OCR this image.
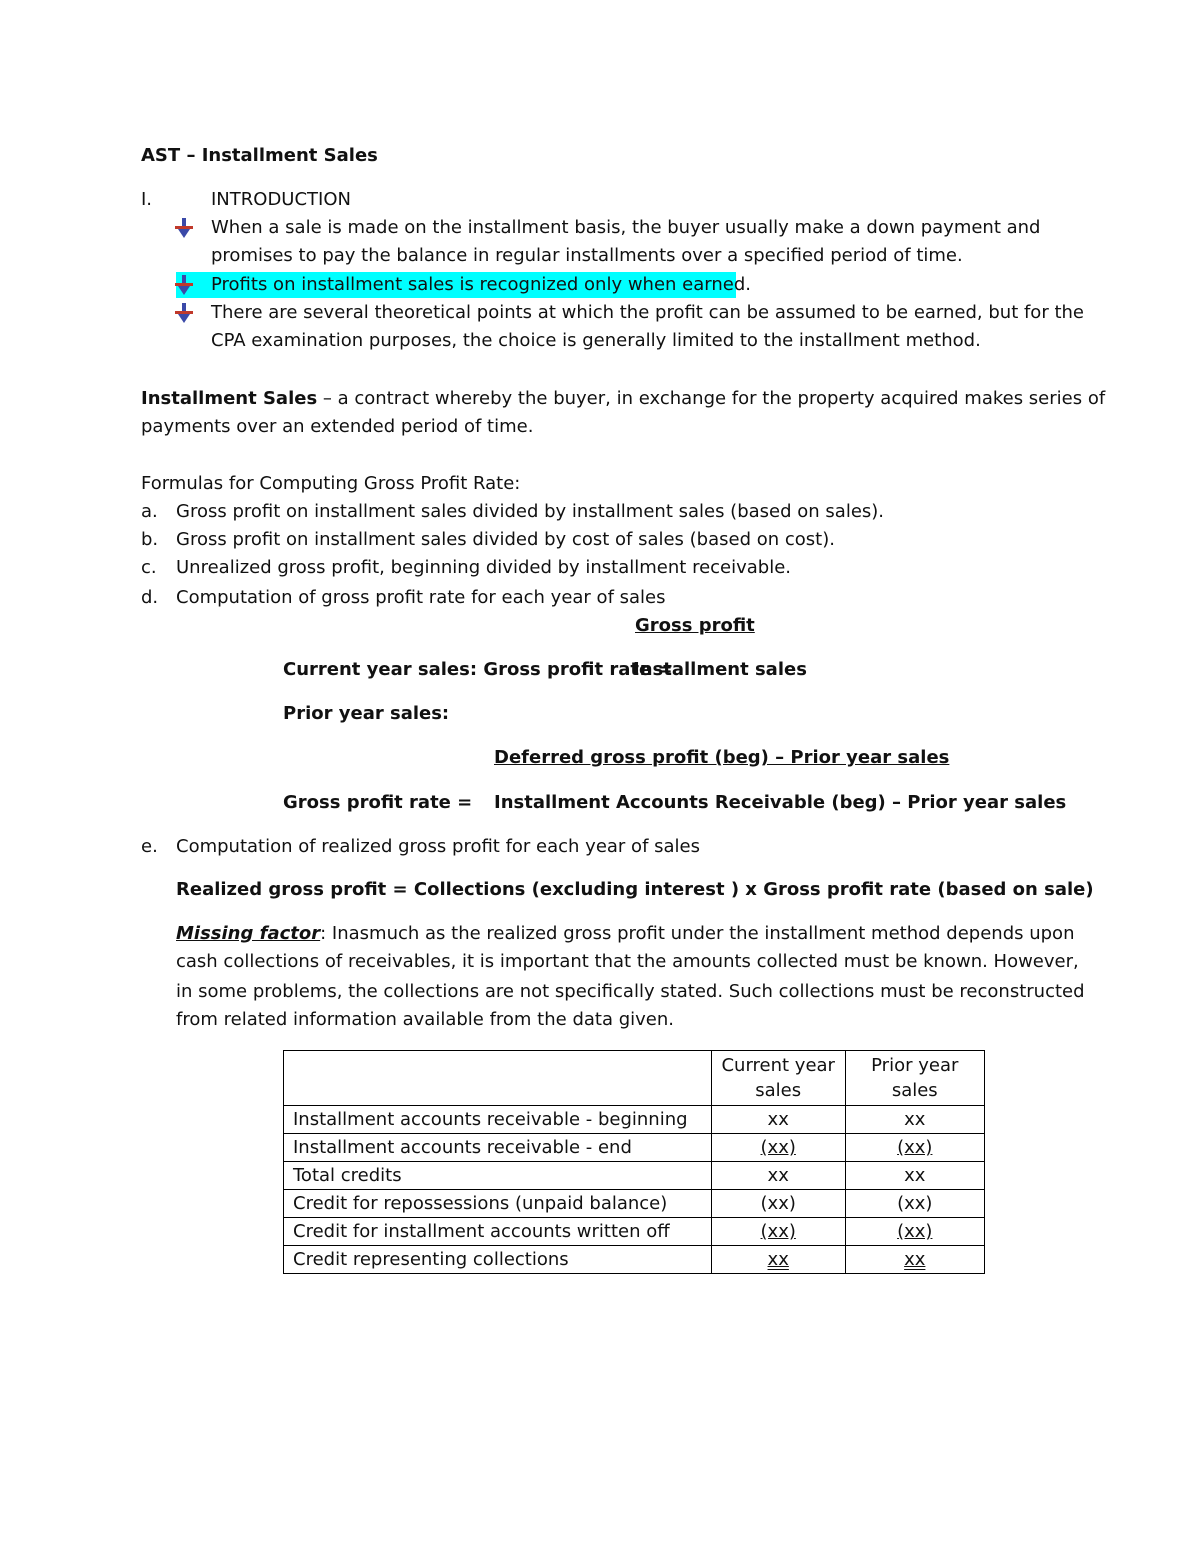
AST – Installment Sales
I.	INTRODUCTION
When a sale is made on the installment basis, the buyer usually make a down payment and
promises to pay the balance in regular installments over a specified period of time.
Profits on installment sales is recognized only when earned.
There are several theoretical points at which the profit can be assumed to be earned, but for the
CPA examination purposes, the choice is generally limited to the installment method.
Installment Sales – a contract whereby the buyer, in exchange for the property acquired makes series of
payments over an extended period of time.
Formulas for Computing Gross Profit Rate:
a. Gross profit on installment sales divided by installment sales (based on sales).
b. Gross profit on installment sales divided by cost of sales (based on cost).
c. Unrealized gross profit, beginning divided by installment receivable.
d. Computation of gross profit rate for each year of sales
Gross profit
Current year sales: Gross profit rate =
Installment sales
Prior year sales:
Deferred gross profit (beg) – Prior year sales
Gross profit rate = Installment Accounts Receivable (beg) – Prior year sales
e. Computation of realized gross profit for each year of sales
Realized gross profit = Collections (excluding interest ) x Gross profit rate (based on sale)
Missing factor: Inasmuch as the realized gross profit under the installment method depends upon
cash collections of receivables, it is important that the amounts collected must be known. However,
in some problems, the collections are not specifically stated. Such collections must be reconstructed
from related information available from the data given.
	Current year sales	Prior year sales
Installment accounts receivable - beginning	xx	xx
Installment accounts receivable - end	(xx)	(xx)
Total credits	xx	xx
Credit for repossessions (unpaid balance)	(xx)	(xx)
Credit for installment accounts written off	(xx)	(xx)
Credit representing collections	xx	xx
